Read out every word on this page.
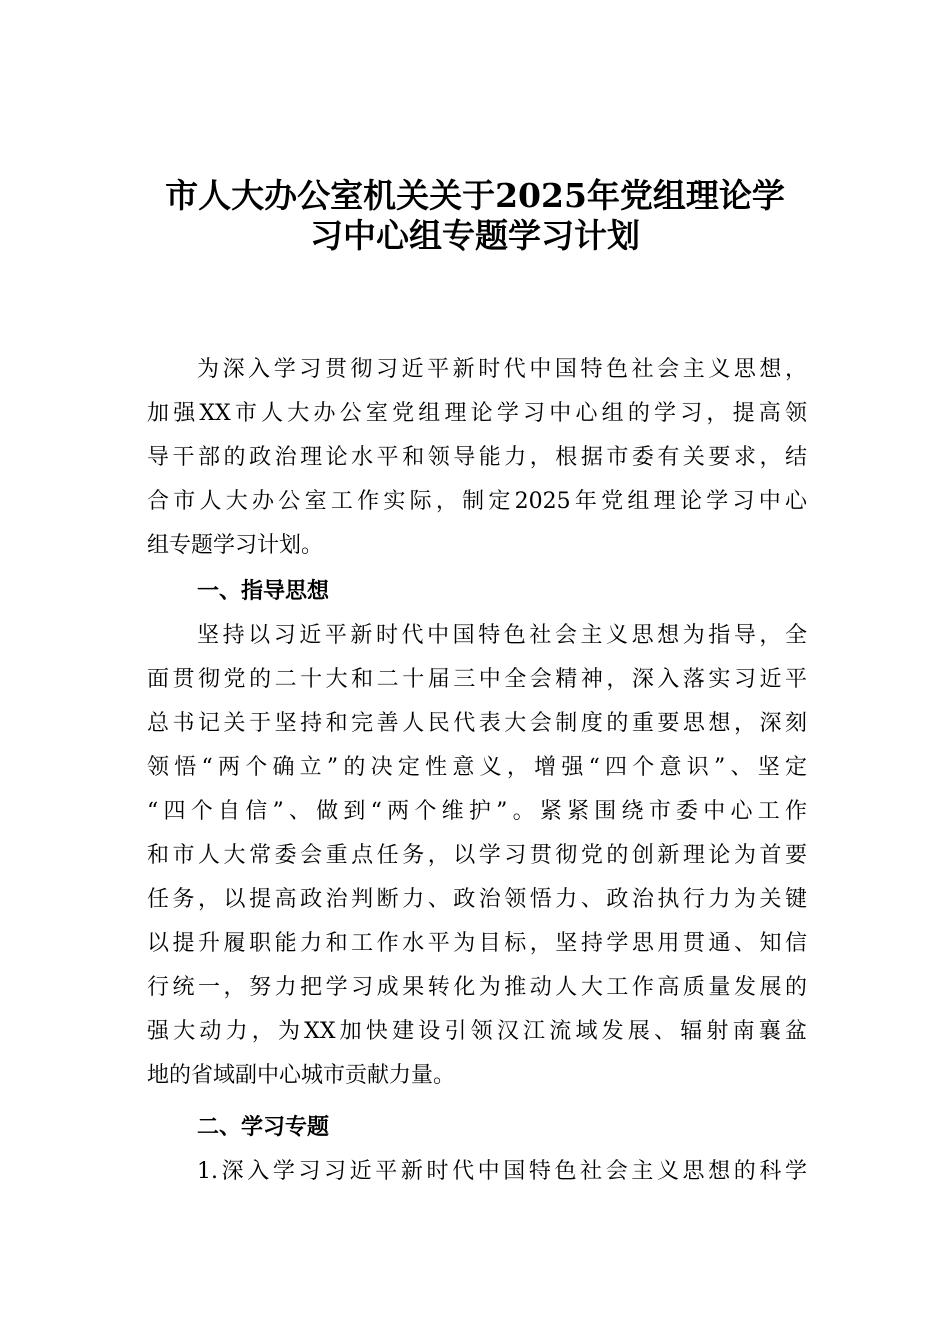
市人大办公室机关关于2025年党组理论学
习中心组专题学习计划
为深入学习贯彻习近平新时代中国特色社会主义思想，
加强XX市人大办公室党组理论学习中心组的学习，提高领
导干部的政治理论水平和领导能力，根据市委有关要求，结
合市人大办公室工作实际，制定2025年党组理论学习中心
组专题学习计划。
一、指导思想
坚持以习近平新时代中国特色社会主义思想为指导，全
面贯彻党的二十大和二十届三中全会精神，深入落实习近平
总书记关于坚持和完善人民代表大会制度的重要思想，深刻
领悟“两个确立”的决定性意义，增强“四个意识”、坚定
“四个自信”、做到“两个维护”。紧紧围绕市委中心工作
和市人大常委会重点任务，以学习贯彻党的创新理论为首要
任务，以提高政治判断力、政治领悟力、政治执行力为关键
以提升履职能力和工作水平为目标，坚持学思用贯通、知信
行统一，努力把学习成果转化为推动人大工作高质量发展的
强大动力，为XX加快建设引领汉江流域发展、辐射南襄盆
地的省域副中心城市贡献力量。
二、学习专题
1.深入学习习近平新时代中国特色社会主义思想的科学
